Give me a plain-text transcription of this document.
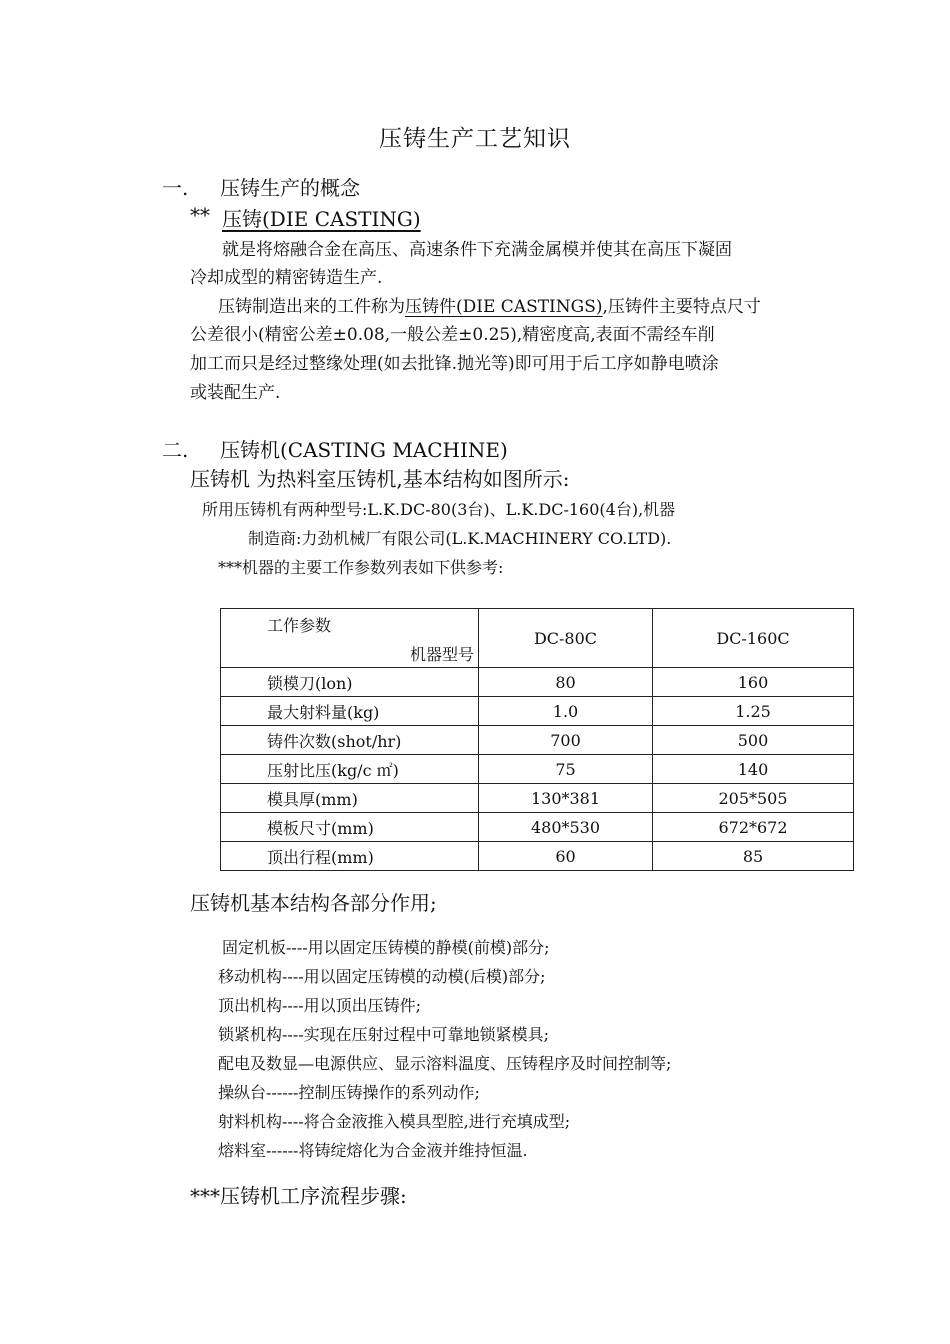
压铸生产工艺知识
一. 压铸生产的概念
** 压铸(DIE CASTING)
就是将熔融合金在高压、高速条件下充满金属模并使其在高压下凝固
冷却成型的精密铸造生产.
压铸制造出来的工件称为压铸件(DIE CASTINGS),压铸件主要特点尺寸
公差很小(精密公差±0.08,一般公差±0.25),精密度高,表面不需经车削
加工而只是经过整缘处理(如去批锋.抛光等)即可用于后工序如静电喷涂
或装配生产.
二. 压铸机(CASTING MACHINE)
压铸机 为热料室压铸机,基本结构如图所示:
所用压铸机有两种型号:L.K.DC-80(3台)、L.K.DC-160(4台),机器
制造商:力劲机械厂有限公司(L.K.MACHINERY CO.LTD).
***机器的主要工作参数列表如下供参考:
工作参数
机器型号	DC-80C	DC-160C
锁模刀(lon)	80	160
最大射料量(kg)	1.0	1.25
铸件次数(shot/hr)	700	500
压射比压(kg/c ㎡)	75	140
模具厚(mm)	130*381	205*505
模板尺寸(mm)	480*530	672*672
顶出行程(mm)	60	85
压铸机基本结构各部分作用;
固定机板----用以固定压铸模的静模(前模)部分;
移动机构----用以固定压铸模的动模(后模)部分;
顶出机构----用以顶出压铸件;
锁紧机构----实现在压射过程中可靠地锁紧模具;
配电及数显—电源供应、显示溶料温度、压铸程序及时间控制等;
操纵台------控制压铸操作的系列动作;
射料机构----将合金液推入模具型腔,进行充填成型;
熔料室------将铸绽熔化为合金液并维持恒温.
***压铸机工序流程步骤:
